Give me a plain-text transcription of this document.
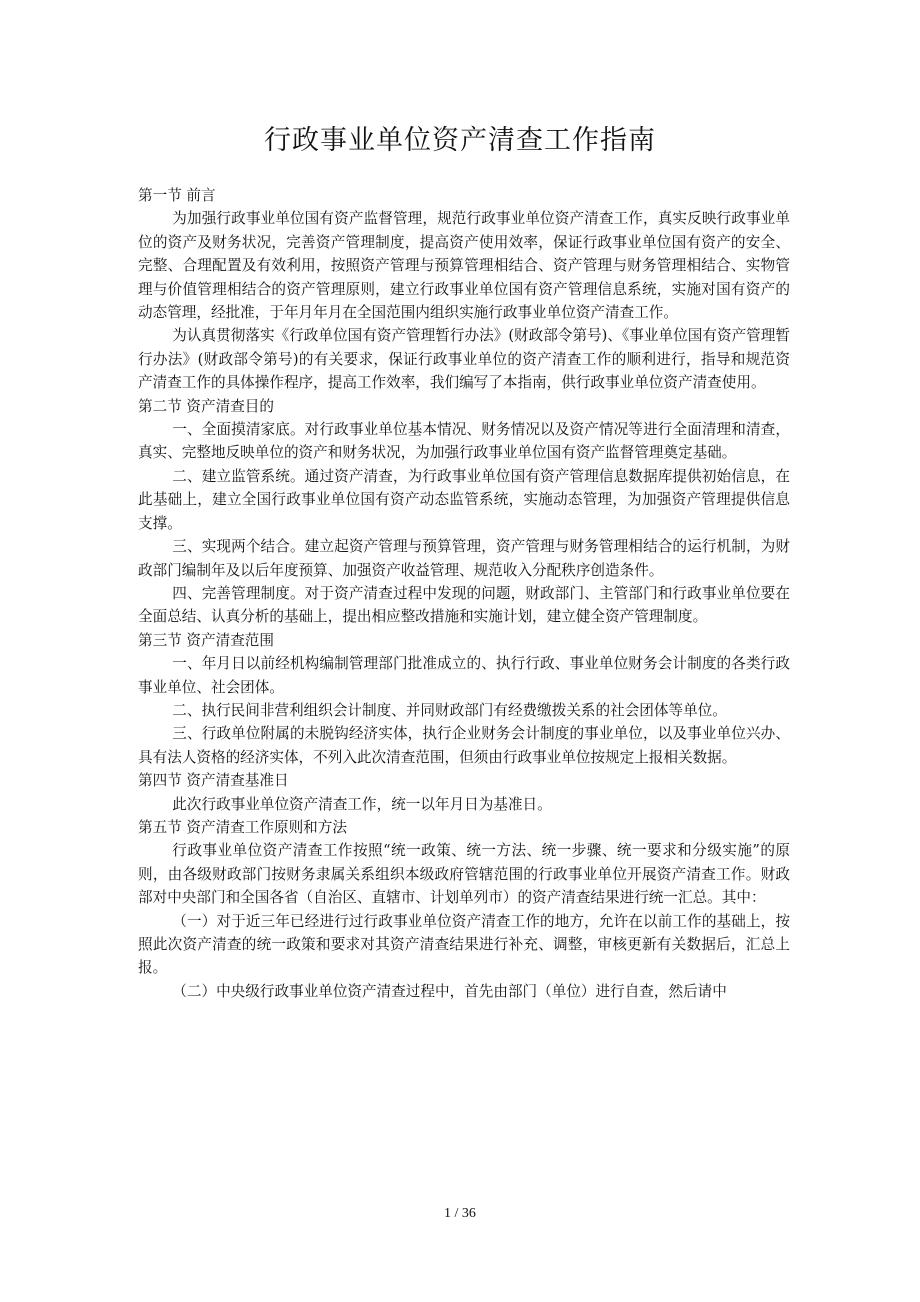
行政事业单位资产清查工作指南

第一节 前言

为加强行政事业单位国有资产监督管理，规范行政事业单位资产清查工作，真实反映行政事业单位的资产及财务状况，完善资产管理制度，提高资产使用效率，保证行政事业单位国有资产的安全、完整、合理配置及有效利用，按照资产管理与预算管理相结合、资产管理与财务管理相结合、实物管理与价值管理相结合的资产管理原则，建立行政事业单位国有资产管理信息系统，实施对国有资产的动态管理，经批准，于年月年月在全国范围内组织实施行政事业单位资产清查工作。

为认真贯彻落实《行政单位国有资产管理暂行办法》(财政部令第号)、《事业单位国有资产管理暂行办法》(财政部令第号)的有关要求，保证行政事业单位的资产清查工作的顺利进行，指导和规范资产清查工作的具体操作程序，提高工作效率，我们编写了本指南，供行政事业单位资产清查使用。

第二节 资产清查目的

一、全面摸清家底。对行政事业单位基本情况、财务情况以及资产情况等进行全面清理和清查，真实、完整地反映单位的资产和财务状况，为加强行政事业单位国有资产监督管理奠定基础。

二、建立监管系统。通过资产清查，为行政事业单位国有资产管理信息数据库提供初始信息，在此基础上，建立全国行政事业单位国有资产动态监管系统，实施动态管理，为加强资产管理提供信息支撑。

三、实现两个结合。建立起资产管理与预算管理，资产管理与财务管理相结合的运行机制，为财政部门编制年及以后年度预算、加强资产收益管理、规范收入分配秩序创造条件。

四、完善管理制度。对于资产清查过程中发现的问题，财政部门、主管部门和行政事业单位要在全面总结、认真分析的基础上，提出相应整改措施和实施计划，建立健全资产管理制度。

第三节 资产清查范围

一、年月日以前经机构编制管理部门批准成立的、执行行政、事业单位财务会计制度的各类行政事业单位、社会团体。

二、执行民间非营利组织会计制度、并同财政部门有经费缴拨关系的社会团体等单位。

三、行政单位附属的未脱钩经济实体，执行企业财务会计制度的事业单位，以及事业单位兴办、具有法人资格的经济实体，不列入此次清查范围，但须由行政事业单位按规定上报相关数据。

第四节 资产清查基准日

此次行政事业单位资产清查工作，统一以年月日为基准日。

第五节 资产清查工作原则和方法

行政事业单位资产清查工作按照“统一政策、统一方法、统一步骤、统一要求和分级实施”的原则，由各级财政部门按财务隶属关系组织本级政府管辖范围的行政事业单位开展资产清查工作。财政部对中央部门和全国各省（自治区、直辖市、计划单列市）的资产清查结果进行统一汇总。其中：

（一）对于近三年已经进行过行政事业单位资产清查工作的地方，允许在以前工作的基础上，按照此次资产清查的统一政策和要求对其资产清查结果进行补充、调整，审核更新有关数据后，汇总上报。

（二）中央级行政事业单位资产清查过程中，首先由部门（单位）进行自查，然后请中

1 / 36
